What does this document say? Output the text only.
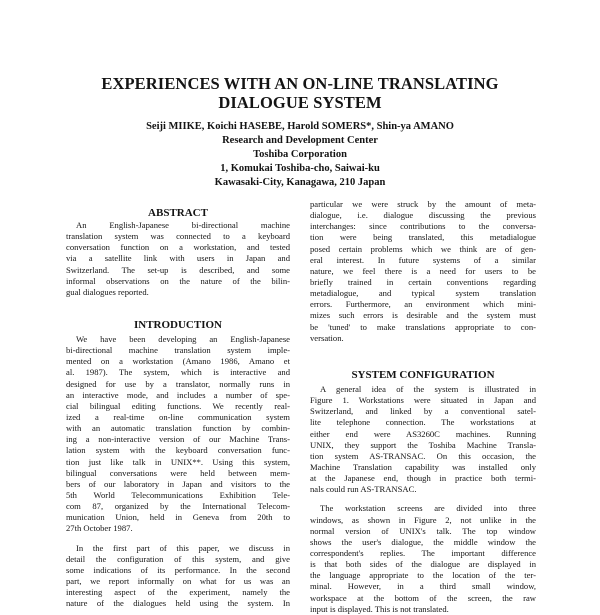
EXPERIENCES WITH AN ON-LINE TRANSLATING
DIALOGUE SYSTEM
Seiji MIIKE, Koichi HASEBE, Harold SOMERS*, Shin-ya AMANO
Research and Development Center
Toshiba Corporation
1, Komukai Toshiba-cho, Saiwai-ku
Kawasaki-City, Kanagawa, 210 Japan
ABSTRACT
An English-Japanese bi-directional machine
translation system was connected to a keyboard
conversation function on a workstation, and tested
via a satellite link with users in Japan and
Switzerland. The set-up is described, and some
informal observations on the nature of the bilin-
gual dialogues reported.
INTRODUCTION
We have been developing an English-Japanese
bi-directional machine translation system imple-
mented on a workstation (Amano 1986, Amano et
al. 1987). The system, which is interactive and
designed for use by a translator, normally runs in
an interactive mode, and includes a number of spe-
cial bilingual editing functions. We recently real-
ized a real-time on-line communication system
with an automatic translation function by combin-
ing a non-interactive version of our Machine Trans-
lation system with the keyboard conversation func-
tion just like talk in UNIX**. Using this system,
bilingual conversations were held between mem-
bers of our laboratory in Japan and visitors to the
5th World Telecommunications Exhibition Tele-
com 87, organized by the International Telecom-
munication Union, held in Geneva from 20th to
27th October 1987.
In the first part of this paper, we discuss in
detail the configuration of this system, and give
some indications of its performance. In the second
part, we report informally on what for us was an
interesting aspect of the experiment, namely the
nature of the dialogues held using the system. In
particular we were struck by the amount of meta-
dialogue, i.e. dialogue discussing the previous
interchanges: since contributions to the conversa-
tion were being translated, this metadialogue
posed certain problems which we think are of gen-
eral interest. In future systems of a similar
nature, we feel there is a need for users to be
briefly trained in certain conventions regarding
metadialogue, and typical system translation
errors. Furthermore, an environment which mini-
mizes such errors is desirable and the system must
be 'tuned' to make translations appropriate to con-
versation.
SYSTEM CONFIGURATION
A general idea of the system is illustrated in
Figure 1. Workstations were situated in Japan and
Switzerland, and linked by a conventional satel-
lite telephone connection. The workstations at
either end were AS3260C machines. Running
UNIX, they support the Toshiba Machine Transla-
tion system AS-TRANSAC. On this occasion, the
Machine Translation capability was installed only
at the Japanese end, though in practice both termi-
nals could run AS-TRANSAC.
The workstation screens are divided into three
windows, as shown in Figure 2, not unlike in the
normal version of UNIX's talk. The top window
shows the user's dialogue, the middle window the
correspondent's replies. The important difference
is that both sides of the dialogue are displayed in
the language appropriate to the location of the ter-
minal. However, in a third small window,
workspace at the bottom of the screen, the raw
input is displayed. This is not translated.
